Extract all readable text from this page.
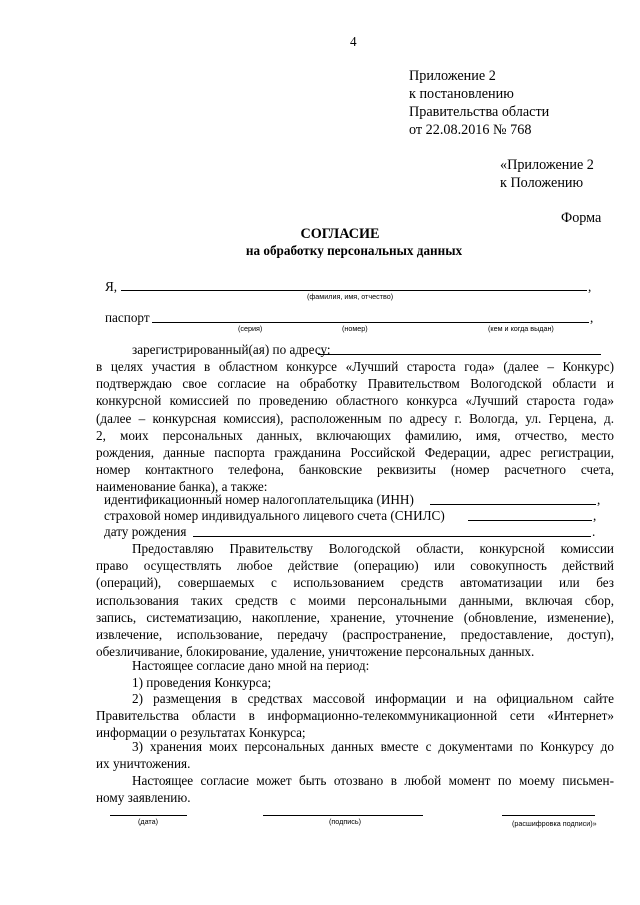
4
Приложение 2
к постановлению
Правительства области
от 22.08.2016 № 768
«Приложение 2
к Положению
Форма
СОГЛАСИЕ
на обработку персональных данных
Я,	,
(фамилия, имя, отчество)
паспорт	,
(серия)	(номер)	(кем и когда выдан)
зарегистрированный(ая) по адресу:
в целях участия в областном конкурсе «Лучший староста года» (далее – Конкурс)
подтверждаю свое согласие на обработку Правительством Вологодской области и
конкурсной комиссией по проведению областного конкурса «Лучший староста года»
(далее – конкурсная комиссия), расположенным по адресу г. Вологда, ул. Герцена, д.
2, моих персональных данных, включающих фамилию, имя, отчество, место
рождения, данные паспорта гражданина Российской Федерации, адрес регистрации,
номер контактного телефона, банковские реквизиты (номер расчетного счета,
наименование банка), а также:
идентификационный номер налогоплательщика (ИНН)	,
страховой номер индивидуального лицевого счета (СНИЛС)	,
дату рождения	.
Предоставляю Правительству Вологодской области, конкурсной комиссии
право осуществлять любое действие (операцию) или совокупность действий
(операций), совершаемых с использованием средств автоматизации или без
использования таких средств с моими персональными данными, включая сбор,
запись, систематизацию, накопление, хранение, уточнение (обновление, изменение),
извлечение, использование, передачу (распространение, предоставление, доступ),
обезличивание, блокирование, удаление, уничтожение персональных данных.
Настоящее согласие дано мной на период:
1) проведения Конкурса;
2) размещения в средствах массовой информации и на официальном сайте
Правительства области в информационно-телекоммуникационной сети «Интернет»
информации о результатах Конкурса;
3) хранения моих персональных данных вместе с документами по Конкурсу до
их уничтожения.
Настоящее согласие может быть отозвано в любой момент по моему письмен-
ному заявлению.
(дата)	(подпись)	(расшифровка подписи)»
